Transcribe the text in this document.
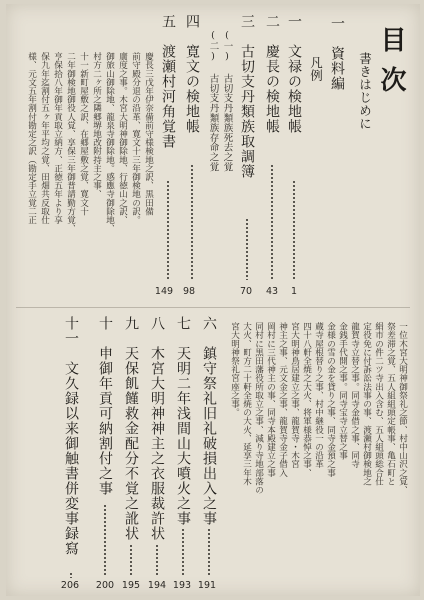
目次
書きはじめに
一　資料編
凡例
一　文禄の検地帳
1
二　慶長の検地帳
43
三　古切支丹類族取調簿
70
(一) 古切支丹類族死去之覚
(二) 古切支丹類族存命之覚
四　寛文の検地帳
98
五　渡瀬村河角覚書
149
慶長三戊年伊奈備前守様検地之訳、黒田備
前守殿分退の沿革、寛文十三年御検地の訳。
廣度之事。木宮大明神御除地、行徳山之訳、
御旅山御除地、龍泉寺御除地。感應寺御除地、
村方二ヶ所之隣郷堺地改附持主之事、
十一新町屋敷之訳、在郷屋敷之覚、寛文十
二年御検地御役人覚、享保三年御普請勤方覚、
亨保拾八年御年貢取立納方、正徳五年より享
保九年迄割付五ヶ年平均之覚、田畑共反取仕
様、元文五年割付勘定之訳（勘定手立覚二正
一位木宮大明神御祭礼之節、村中山沢之覚、
祭差滞之覚、五人組組頭定帳事、亀石町と
絹市の件二ツ寺出入含む、五人組頭総合仕
定役免に付訴訟法事の事、渡瀬村御検地之
龍賀寺立替之事。同寺金借之事、同寺
金銭手代開之事。同寺宝寺立替之事
金様の雪の金を貸り之事、同寺金預之事
蔵寺屋根替り之事、村中継役一の沿革
四十八軒全焼之大火、将軍様恭悼之事、
宮大明神鳥居建立之事、龍賀寺・木宮
神主之事、元文金之事、龍賀寺金子借入
岡村に三代神主の事、同寺本殿建立之事
同村に黒田藩役所取立之事、減り寺地部落の
大火、町方二十軒全焼の大火、延享三年木
宮大明神祭礼宮座之事。
六　鎮守祭礼旧礼破損出入之事
191
七　天明二年浅間山大噴火之事
193
八　木宮大明神神主之衣服裁許状
194
九　天保飢饉救金配分不覚之訛状
195
十　申御年貢可納割付之事
200
十一　文久録以来御触書併変事録寫
206
